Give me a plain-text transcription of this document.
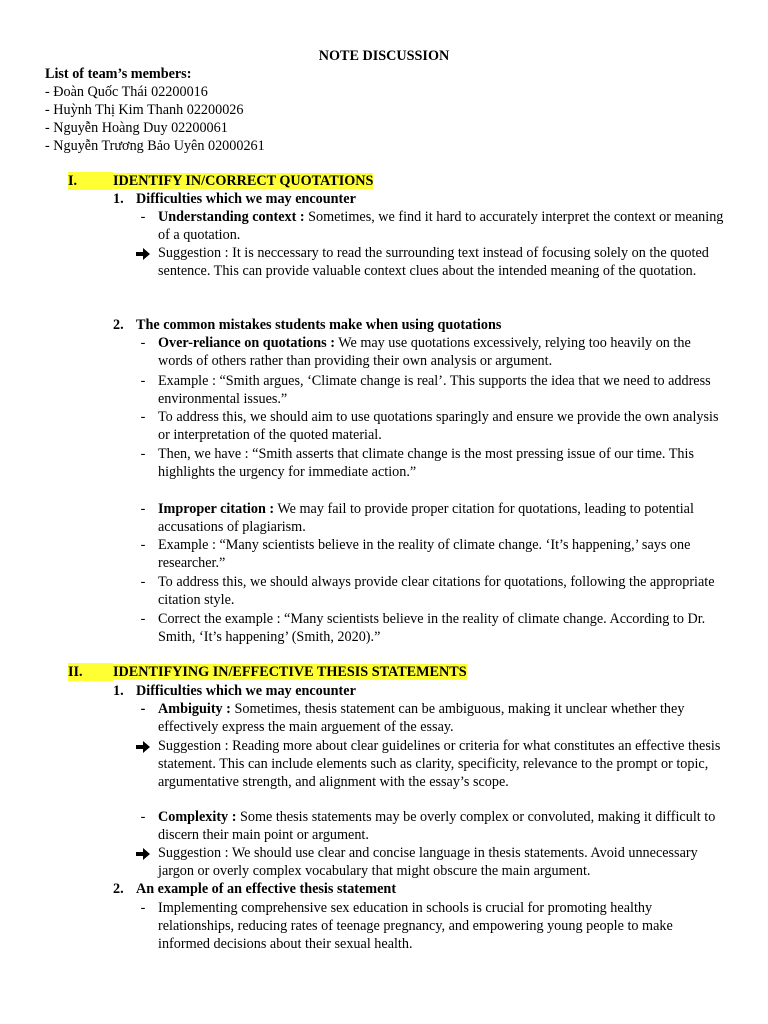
NOTE DISCUSSION
List of team’s members:
- Đoàn Quốc Thái 02200016
- Huỳnh Thị Kim Thanh 02200026
- Nguyễn Hoàng Duy 02200061
- Nguyễn Trương Bảo Uyên 02000261
I.	IDENTIFY IN/CORRECT QUOTATIONS
1. Difficulties which we may encounter
- Understanding context : Sometimes, we find it hard to accurately interpret the context or meaning of a quotation.
Suggestion : It is neccessary to read the surrounding text instead of focusing solely on the quoted sentence. This can provide valuable context clues about the intended meaning of the quotation.
2. The common mistakes students make when using quotations
- Over-reliance on quotations : We may use quotations excessively, relying too heavily on the words of others rather than providing their own analysis or argument.
- Example : “Smith argues, ‘Climate change is real’. This supports the idea that we need to address environmental issues.”
- To address this, we should aim to use quotations sparingly and ensure we provide the own analysis or interpretation of the quoted material.
- Then, we have : “Smith asserts that climate change is the most pressing issue of our time. This highlights the urgency for immediate action.”
- Improper citation : We may fail to provide proper citation for quotations, leading to potential accusations of plagiarism.
- Example : “Many scientists believe in the reality of climate change. ‘It’s happening,’ says one researcher.”
- To address this, we should always provide clear citations for quotations, following the appropriate citation style.
- Correct the example : “Many scientists believe in the reality of climate change. According to Dr. Smith, ‘It’s happening’ (Smith, 2020).”
II. IDENTIFYING IN/EFFECTIVE THESIS STATEMENTS
1. Difficulties which we may encounter
- Ambiguity : Sometimes, thesis statement can be ambiguous, making it unclear whether they effectively express the main arguement of the essay.
Suggestion : Reading more about clear guidelines or criteria for what constitutes an effective thesis statement. This can include elements such as clarity, specificity, relevance to the prompt or topic, argumentative strength, and alignment with the essay’s scope.
- Complexity : Some thesis statements may be overly complex or convoluted, making it difficult to discern their main point or argument.
Suggestion : We should use clear and concise language in thesis statements. Avoid unnecessary jargon or overly complex vocabulary that might obscure the main argument.
2. An example of an effective thesis statement
- Implementing comprehensive sex education in schools is crucial for promoting healthy relationships, reducing rates of teenage pregnancy, and empowering young people to make informed decisions about their sexual health.
